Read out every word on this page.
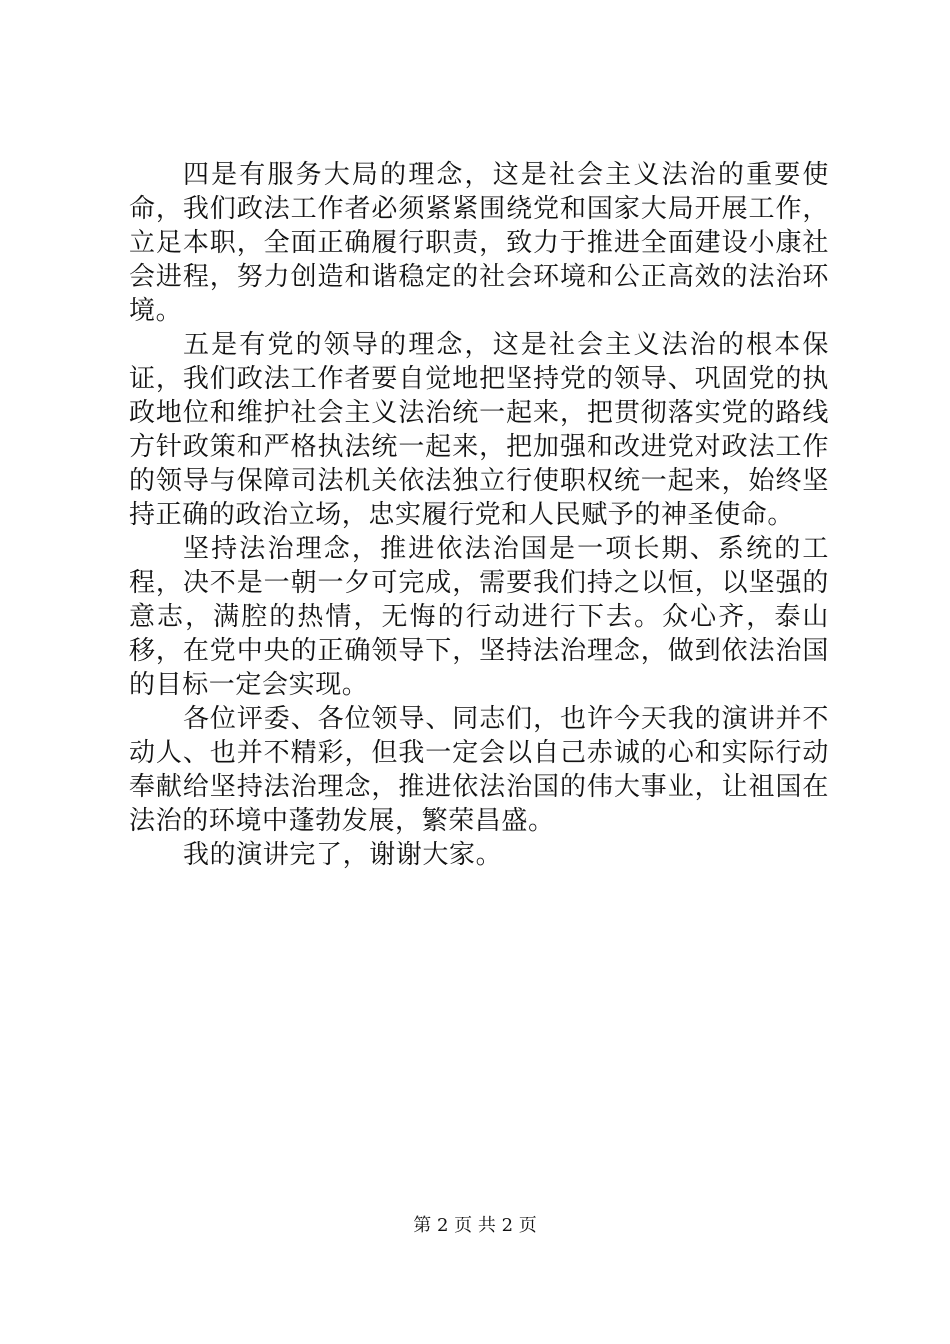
四是有服务大局的理念，这是社会主义法治的重要使命，我们政法工作者必须紧紧围绕党和国家大局开展工作，立足本职，全面正确履行职责，致力于推进全面建设小康社会进程，努力创造和谐稳定的社会环境和公正高效的法治环境。

五是有党的领导的理念，这是社会主义法治的根本保证，我们政法工作者要自觉地把坚持党的领导、巩固党的执政地位和维护社会主义法治统一起来，把贯彻落实党的路线方针政策和严格执法统一起来，把加强和改进党对政法工作的领导与保障司法机关依法独立行使职权统一起来，始终坚持正确的政治立场，忠实履行党和人民赋予的神圣使命。

坚持法治理念，推进依法治国是一项长期、系统的工程，决不是一朝一夕可完成，需要我们持之以恒，以坚强的意志，满腔的热情，无悔的行动进行下去。众心齐，泰山移，在党中央的正确领导下，坚持法治理念，做到依法治国的目标一定会实现。

各位评委、各位领导、同志们，也许今天我的演讲并不动人、也并不精彩，但我一定会以自己赤诚的心和实际行动奉献给坚持法治理念，推进依法治国的伟大事业，让祖国在法治的环境中蓬勃发展，繁荣昌盛。

我的演讲完了，谢谢大家。

第 2 页 共 2 页
